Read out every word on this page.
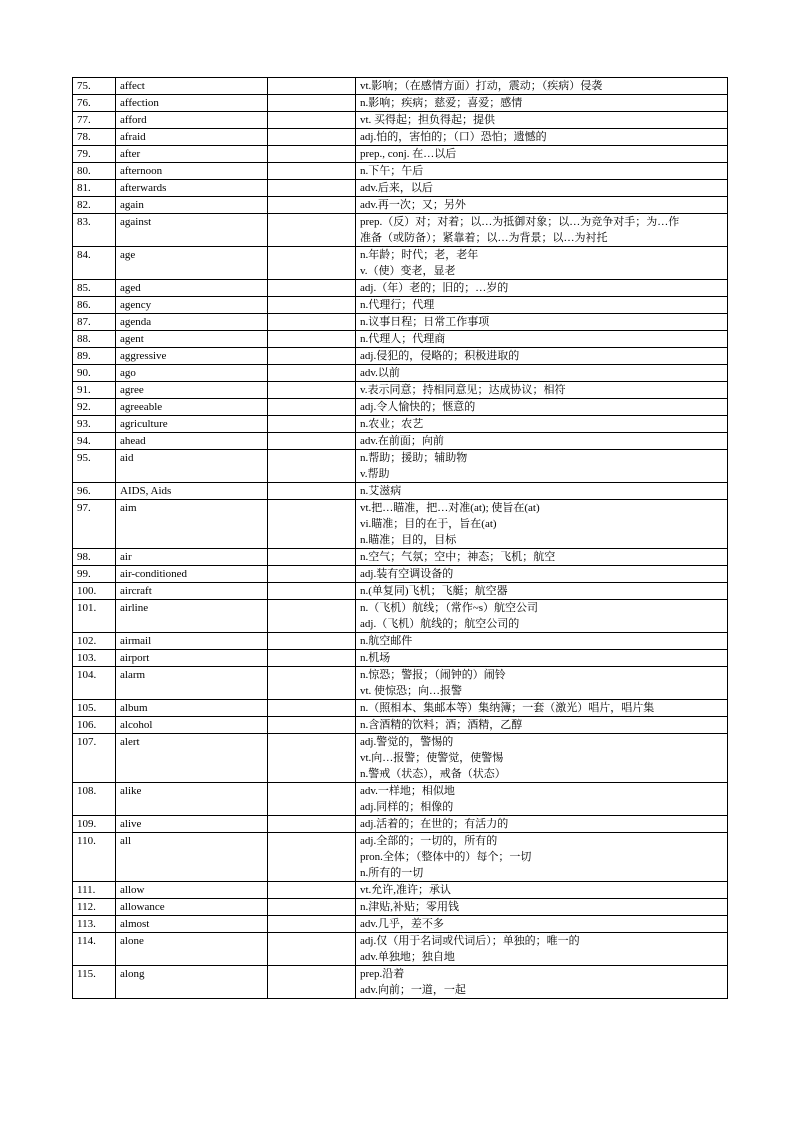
75.	affect		vt.影响；（在感情方面）打动，震动；（疾病）侵袭

76.	affection		n.影响；疾病；慈爱；喜爱；感情

77.	afford		vt. 买得起；担负得起；提供

78.	afraid		adj.怕的，害怕的；（口）恐怕；遗憾的

79.	after		prep., conj. 在…以后

80.	afternoon		n.下午；午后

81.	afterwards		adv.后来，以后

82.	again		adv.再一次；又；另外

83.	against		prep.（反）对；对着；以…为抵御对象；以…为竞争对手；为…作
准备（或防备）；紧靠着；以…为背景；以…为衬托

84.	age		n.年龄；时代；老，老年
v.（使）变老，显老

85.	aged		adj.（年）老的；旧的；…岁的

86.	agency		n.代理行；代理

87.	agenda		n.议事日程；日常工作事项

88.	agent		n.代理人；代理商

89.	aggressive		adj.侵犯的，侵略的；积极进取的

90.	ago		adv.以前

91.	agree		v.表示同意；持相同意见；达成协议；相符

92.	agreeable		adj.令人愉快的；惬意的

93.	agriculture		n.农业；农艺

94.	ahead		adv.在前面；向前

95.	aid		n.帮助；援助；辅助物
v.帮助

96.	AIDS, Aids		n.艾滋病

97.	aim		vt.把…瞄准，把…对准(at); 使旨在(at)
vi.瞄准；目的在于，旨在(at)
n.瞄准；目的，目标

98.	air		n.空气；气氛；空中；神态；飞机；航空

99.	air-conditioned		adj.装有空调设备的

100.	aircraft		n.(单复同)飞机；飞艇；航空器

101.	airline		n.（飞机）航线；（常作~s）航空公司
adj.（飞机）航线的；航空公司的

102.	airmail		n.航空邮件

103.	airport		n.机场

104.	alarm		n.惊恐；警报；（闹钟的）闹铃
vt. 使惊恐；向…报警

105.	album		n.（照相本、集邮本等）集纳簿；一套（激光）唱片，唱片集

106.	alcohol		n.含酒精的饮料；酒；酒精，乙醇

107.	alert		adj.警觉的，警惕的
vt.向…报警；使警觉，使警惕
n.警戒（状态），戒备（状态）

108.	alike		adv.一样地；相似地
adj.同样的；相像的

109.	alive		adj.活着的；在世的；有活力的

110.	all		adj.全部的；一切的，所有的
pron.全体；（整体中的）每个；一切
n.所有的一切

111.	allow		vt.允许,准许；承认

112.	allowance		n.津贴,补贴；零用钱

113.	almost		adv.几乎，差不多

114.	alone		adj.仅（用于名词或代词后）；单独的；唯一的
adv.单独地；独自地

115.	along		prep.沿着
adv.向前；一道，一起
